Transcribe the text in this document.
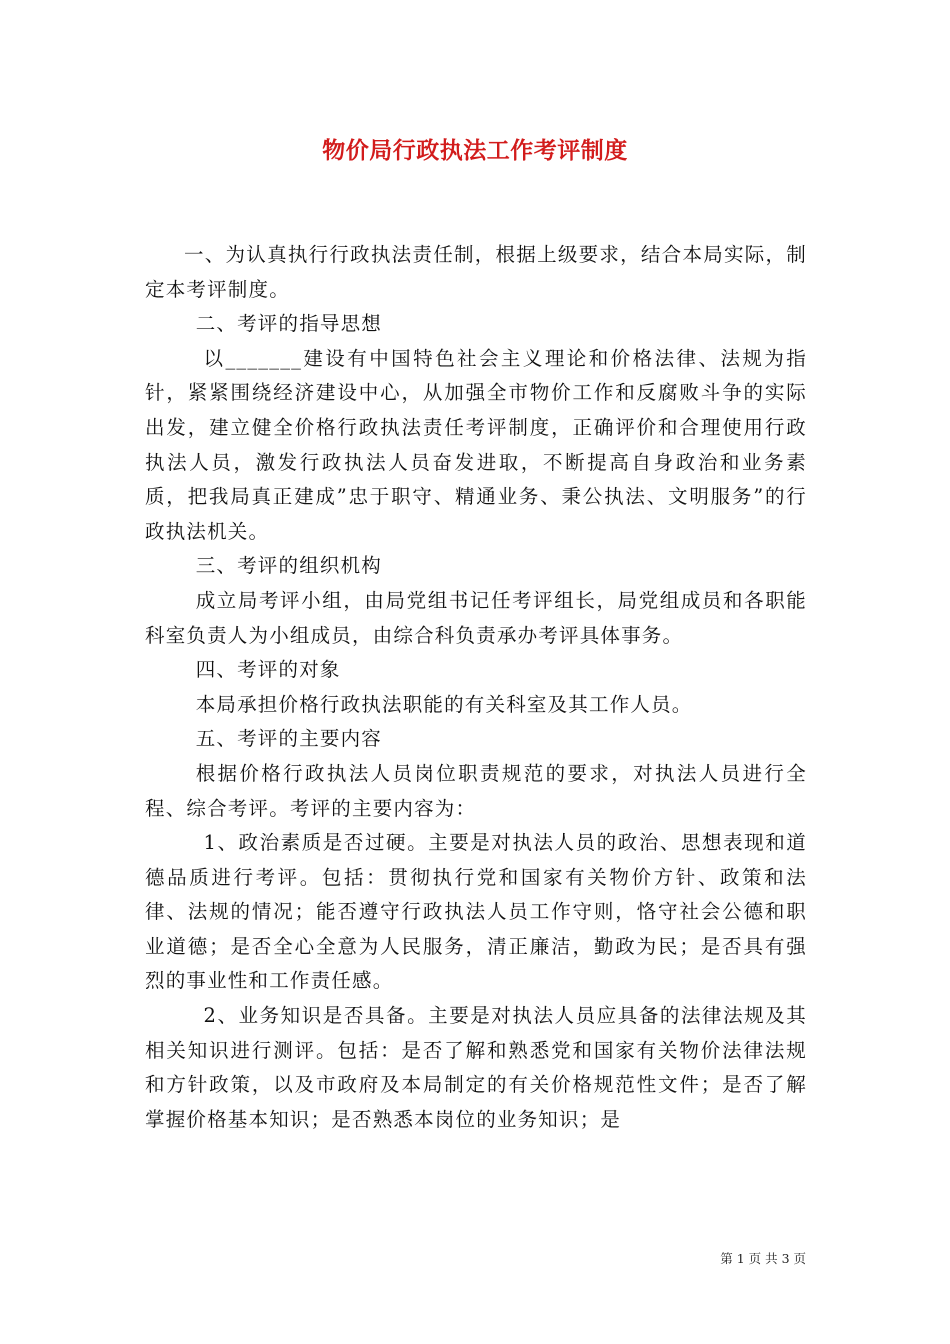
物价局行政执法工作考评制度

一、为认真执行行政执法责任制，根据上级要求，结合本局实际，制定本考评制度。

二、考评的指导思想

以_______建设有中国特色社会主义理论和价格法律、法规为指针，紧紧围绕经济建设中心，从加强全市物价工作和反腐败斗争的实际出发，建立健全价格行政执法责任考评制度，正确评价和合理使用行政执法人员，激发行政执法人员奋发进取，不断提高自身政治和业务素质，把我局真正建成”忠于职守、精通业务、秉公执法、文明服务”的行政执法机关。

三、考评的组织机构

成立局考评小组，由局党组书记任考评组长，局党组成员和各职能科室负责人为小组成员，由综合科负责承办考评具体事务。

四、考评的对象

本局承担价格行政执法职能的有关科室及其工作人员。

五、考评的主要内容

根据价格行政执法人员岗位职责规范的要求，对执法人员进行全程、综合考评。考评的主要内容为：

1、政治素质是否过硬。主要是对执法人员的政治、思想表现和道德品质进行考评。包括：贯彻执行党和国家有关物价方针、政策和法律、法规的情况；能否遵守行政执法人员工作守则，恪守社会公德和职业道德；是否全心全意为人民服务，清正廉洁，勤政为民；是否具有强烈的事业性和工作责任感。

2、业务知识是否具备。主要是对执法人员应具备的法律法规及其相关知识进行测评。包括：是否了解和熟悉党和国家有关物价法律法规和方针政策，以及市政府及本局制定的有关价格规范性文件；是否了解掌握价格基本知识；是否熟悉本岗位的业务知识；是

第 1 页 共 3 页
